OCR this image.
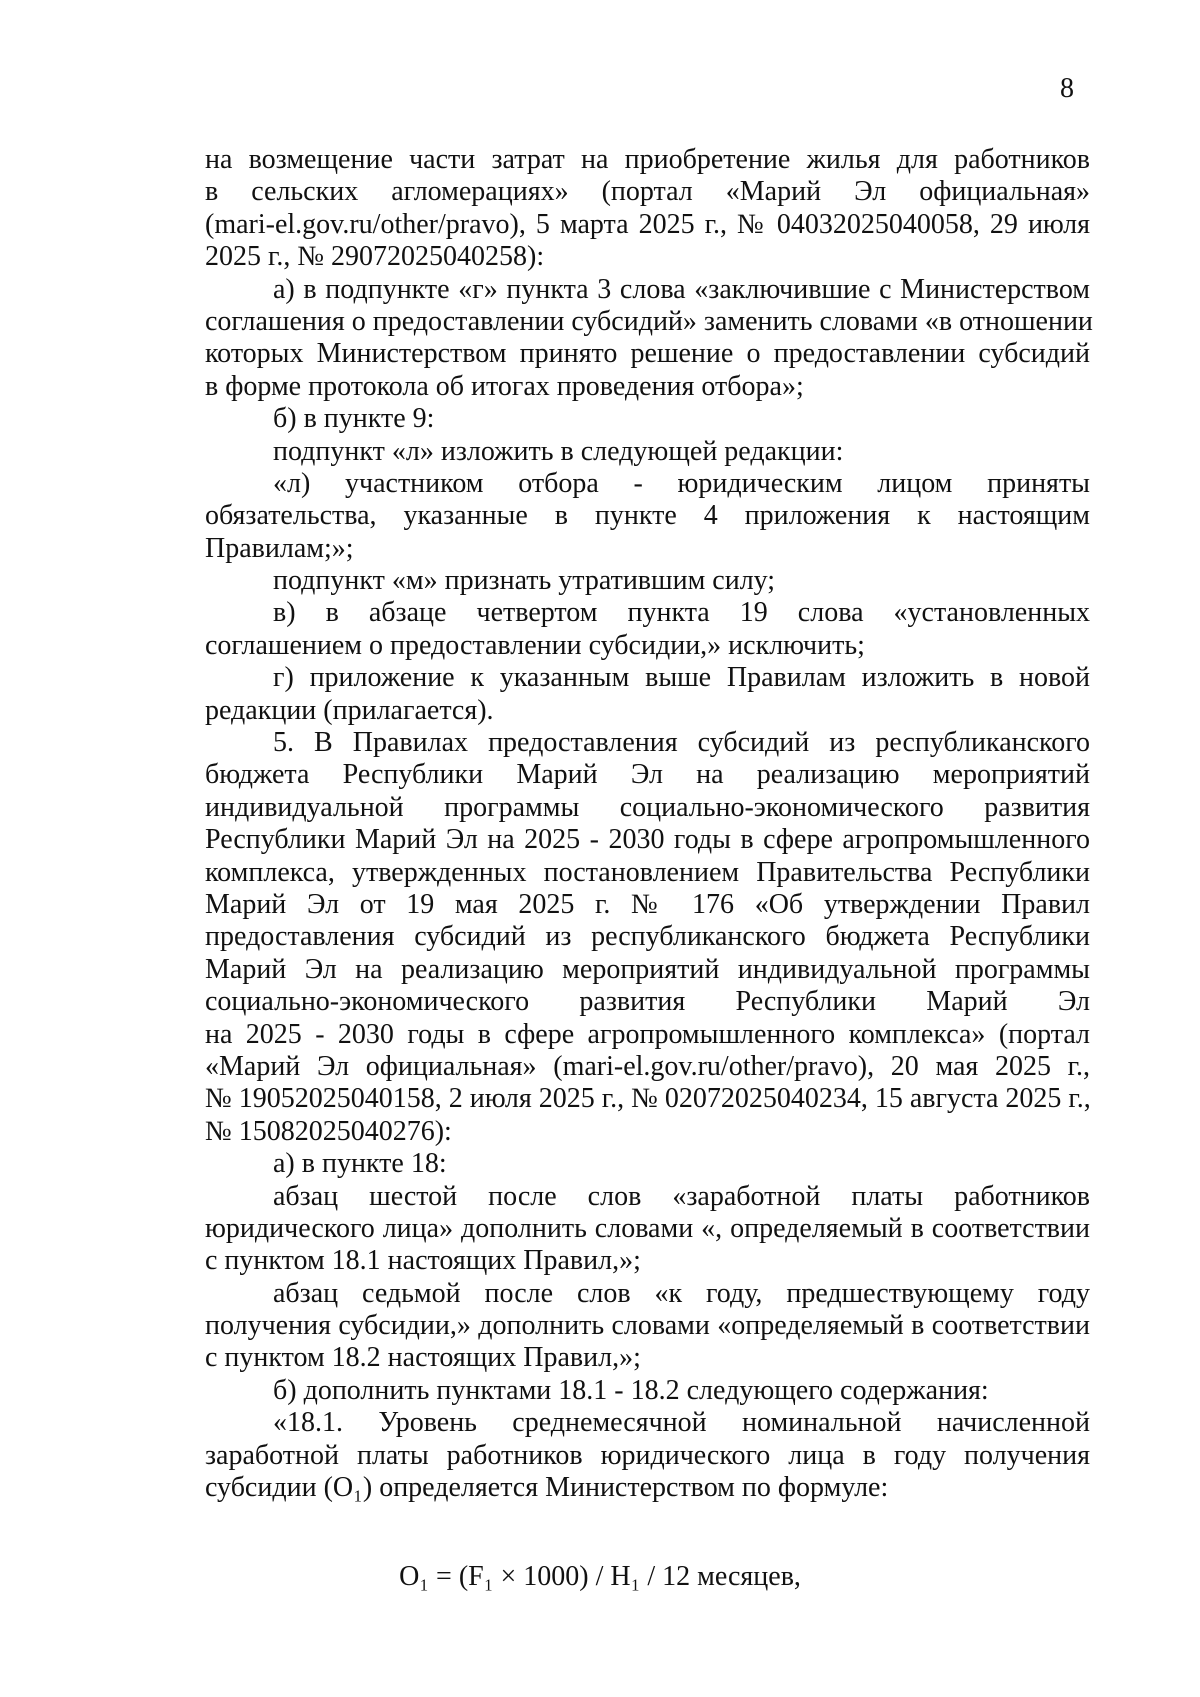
8
на возмещение части затрат на приобретение жилья для работников
в сельских агломерациях» (портал «Марий Эл официальная»
(mari-el.gov.ru/other/pravo), 5 марта 2025 г., № 04032025040058, 29 июля
2025 г., № 29072025040258):
а) в подпункте «г» пункта 3 слова «заключившие с Министерством
соглашения о предоставлении субсидий» заменить словами «в отношении
которых Министерством принято решение о предоставлении субсидий
в форме протокола об итогах проведения отбора»;
б) в пункте 9:
подпункт «л» изложить в следующей редакции:
«л) участником отбора - юридическим лицом приняты
обязательства, указанные в пункте 4 приложения к настоящим
Правилам;»;
подпункт «м» признать утратившим силу;
в) в абзаце четвертом пункта 19 слова «установленных
соглашением о предоставлении субсидии,» исключить;
г) приложение к указанным выше Правилам изложить в новой
редакции (прилагается).
5. В Правилах предоставления субсидий из республиканского
бюджета Республики Марий Эл на реализацию мероприятий
индивидуальной программы социально-экономического развития
Республики Марий Эл на 2025 - 2030 годы в сфере агропромышленного
комплекса, утвержденных постановлением Правительства Республики
Марий Эл от 19 мая 2025 г. № 176 «Об утверждении Правил
предоставления субсидий из республиканского бюджета Республики
Марий Эл на реализацию мероприятий индивидуальной программы
социально-экономического развития Республики Марий Эл
на 2025 - 2030 годы в сфере агропромышленного комплекса» (портал
«Марий Эл официальная» (mari-el.gov.ru/other/pravo), 20 мая 2025 г.,
№ 19052025040158, 2 июля 2025 г., № 02072025040234, 15 августа 2025 г.,
№ 15082025040276):
а) в пункте 18:
абзац шестой после слов «заработной платы работников
юридического лица» дополнить словами «, определяемый в соответствии
с пунктом 18.1 настоящих Правил,»;
абзац седьмой после слов «к году, предшествующему году
получения субсидии,» дополнить словами «определяемый в соответствии
с пунктом 18.2 настоящих Правил,»;
б) дополнить пунктами 18.1 - 18.2 следующего содержания:
«18.1. Уровень среднемесячной номинальной начисленной
заработной платы работников юридического лица в году получения
субсидии (О₁) определяется Министерством по формуле:
О₁ = (F₁ × 1000) / Н₁ / 12 месяцев,
